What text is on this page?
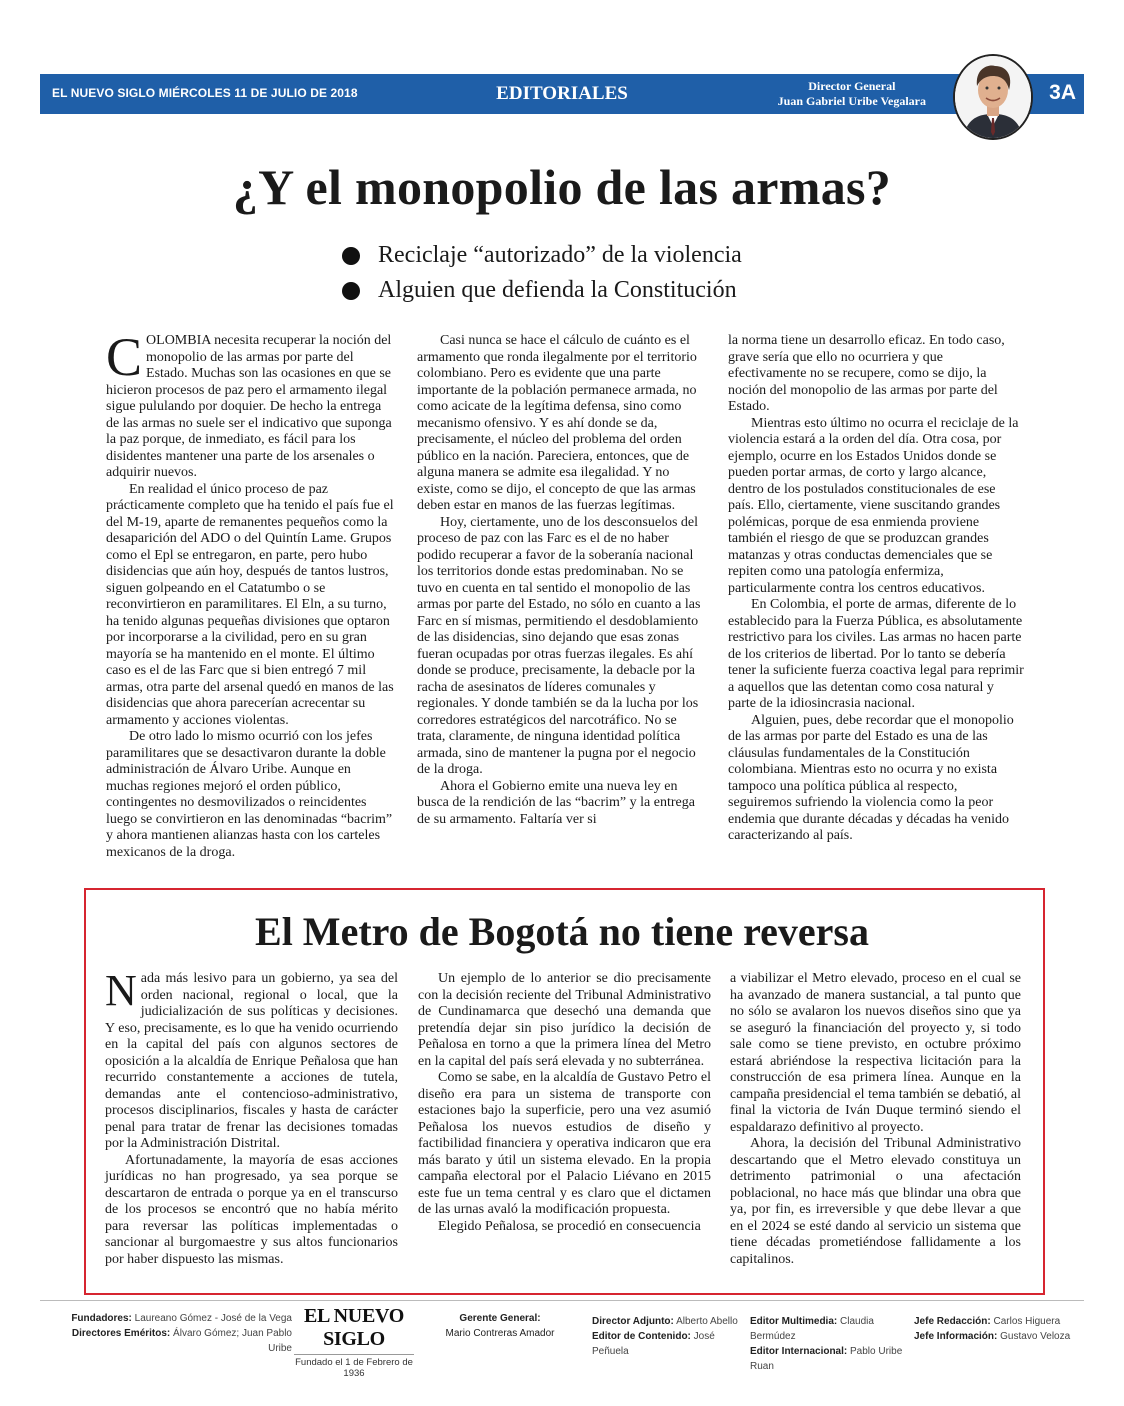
EL NUEVO SIGLO MIÉRCOLES 11 DE JULIO DE 2018	EDITORIALES	Director General
Juan Gabriel Uribe Vegalara	3A
¿Y el monopolio de las armas?
Reciclaje “autorizado” de la violencia
Alguien que defienda la Constitución

COLOMBIA necesita recuperar la noción del monopolio de las armas por parte del Estado. Muchas son las ocasiones en que se hicieron procesos de paz pero el armamento ilegal sigue pululando por doquier. De hecho la entrega de las armas no suele ser el indicativo que suponga la paz porque, de inmediato, es fácil para los disidentes mantener una parte de los arsenales o adquirir nuevos.

En realidad el único proceso de paz prácticamente completo que ha tenido el país fue el del M-19, aparte de remanentes pequeños como la desaparición del ADO o del Quintín Lame. Grupos como el Epl se entregaron, en parte, pero hubo disidencias que aún hoy, después de tantos lustros, siguen golpeando en el Catatumbo o se reconvirtieron en paramilitares. El Eln, a su turno, ha tenido algunas pequeñas divisiones que optaron por incorporarse a la civilidad, pero en su gran mayoría se ha mantenido en el monte. El último caso es el de las Farc que si bien entregó 7 mil armas, otra parte del arsenal quedó en manos de las disidencias que ahora parecerían acrecentar su armamento y acciones violentas.

De otro lado lo mismo ocurrió con los jefes paramilitares que se desactivaron durante la doble administración de Álvaro Uribe. Aunque en muchas regiones mejoró el orden público, contingentes no desmovilizados o reincidentes luego se convirtieron en las denominadas “bacrim” y ahora mantienen alianzas hasta con los carteles mexicanos de la droga.

Casi nunca se hace el cálculo de cuánto es el armamento que ronda ilegalmente por el territorio colombiano. Pero es evidente que una parte importante de la población permanece armada, no como acicate de la legítima defensa, sino como mecanismo ofensivo. Y es ahí donde se da, precisamente, el núcleo del problema del orden público en la nación. Pareciera, entonces, que de alguna manera se admite esa ilegalidad. Y no existe, como se dijo, el concepto de que las armas deben estar en manos de las fuerzas legítimas.

Hoy, ciertamente, uno de los desconsuelos del proceso de paz con las Farc es el de no haber podido recuperar a favor de la soberanía nacional los territorios donde estas predominaban. No se tuvo en cuenta en tal sentido el monopolio de las armas por parte del Estado, no sólo en cuanto a las Farc en sí mismas, permitiendo el desdoblamiento de las disidencias, sino dejando que esas zonas fueran ocupadas por otras fuerzas ilegales. Es ahí donde se produce, precisamente, la debacle por la racha de asesinatos de líderes comunales y regionales. Y donde también se da la lucha por los corredores estratégicos del narcotráfico. No se trata, claramente, de ninguna identidad política armada, sino de mantener la pugna por el negocio de la droga.

Ahora el Gobierno emite una nueva ley en busca de la rendición de las “bacrim” y la entrega de su armamento. Faltaría ver si

la norma tiene un desarrollo eficaz. En todo caso, grave sería que ello no ocurriera y que efectivamente no se recupere, como se dijo, la noción del monopolio de las armas por parte del Estado.

Mientras esto último no ocurra el reciclaje de la violencia estará a la orden del día. Otra cosa, por ejemplo, ocurre en los Estados Unidos donde se pueden portar armas, de corto y largo alcance, dentro de los postulados constitucionales de ese país. Ello, ciertamente, viene suscitando grandes polémicas, porque de esa enmienda proviene también el riesgo de que se produzcan grandes matanzas y otras conductas demenciales que se repiten como una patología enfermiza, particularmente contra los centros educativos.

En Colombia, el porte de armas, diferente de lo establecido para la Fuerza Pública, es absolutamente restrictivo para los civiles. Las armas no hacen parte de los criterios de libertad. Por lo tanto se debería tener la suficiente fuerza coactiva legal para reprimir a aquellos que las detentan como cosa natural y parte de la idiosincrasia nacional.

Alguien, pues, debe recordar que el monopolio de las armas por parte del Estado es una de las cláusulas fundamentales de la Constitución colombiana. Mientras esto no ocurra y no exista tampoco una política pública al respecto, seguiremos sufriendo la violencia como la peor endemia que durante décadas y décadas ha venido caracterizando al país.

El Metro de Bogotá no tiene reversa

Nada más lesivo para un gobierno, ya sea del orden nacional, regional o local, que la judicialización de sus políticas y decisiones. Y eso, precisamente, es lo que ha venido ocurriendo en la capital del país con algunos sectores de oposición a la alcaldía de Enrique Peñalosa que han recurrido constantemente a acciones de tutela, demandas ante el contencioso-administrativo, procesos disciplinarios, fiscales y hasta de carácter penal para tratar de frenar las decisiones tomadas por la Administración Distrital.

Afortunadamente, la mayoría de esas acciones jurídicas no han progresado, ya sea porque se descartaron de entrada o porque ya en el transcurso de los procesos se encontró que no había mérito para reversar las políticas implementadas o sancionar al burgomaestre y sus altos funcionarios por haber dispuesto las mismas.

Un ejemplo de lo anterior se dio precisamente con la decisión reciente del Tribunal Administrativo de Cundinamarca que desechó una demanda que pretendía dejar sin piso jurídico la decisión de Peñalosa en torno a que la primera línea del Metro en la capital del país será elevada y no subterránea.

Como se sabe, en la alcaldía de Gustavo Petro el diseño era para un sistema de transporte con estaciones bajo la superficie, pero una vez asumió Peñalosa los nuevos estudios de diseño y factibilidad financiera y operativa indicaron que era más barato y útil un sistema elevado. En la propia campaña electoral por el Palacio Liévano en 2015 este fue un tema central y es claro que el dictamen de las urnas avaló la modificación propuesta.

Elegido Peñalosa, se procedió en consecuencia

a viabilizar el Metro elevado, proceso en el cual se ha avanzado de manera sustancial, a tal punto que no sólo se avalaron los nuevos diseños sino que ya se aseguró la financiación del proyecto y, si todo sale como se tiene previsto, en octubre próximo estará abriéndose la respectiva licitación para la construcción de esa primera línea. Aunque en la campaña presidencial el tema también se debatió, al final la victoria de Iván Duque terminó siendo el espaldarazo definitivo al proyecto.

Ahora, la decisión del Tribunal Administrativo descartando que el Metro elevado constituya un detrimento patrimonial o una afectación poblacional, no hace más que blindar una obra que ya, por fin, es irreversible y que debe llevar a que en el 2024 se esté dando al servicio un sistema que tiene décadas prometiéndose fallidamente a los capitalinos.

Fundadores: Laureano Gómez - José de la Vega
Directores Eméritos: Álvaro Gómez; Juan Pablo Uribe
EL NUEVO SIGLO
Fundado el 1 de Febrero de 1936
Gerente General:
Mario Contreras Amador
Director Adjunto: Alberto Abello
Editor de Contenido: José Peñuela
Editor Multimedia: Claudia Bermúdez
Editor Internacional: Pablo Uribe Ruan
Jefe Redacción: Carlos Higuera
Jefe Información: Gustavo Veloza
